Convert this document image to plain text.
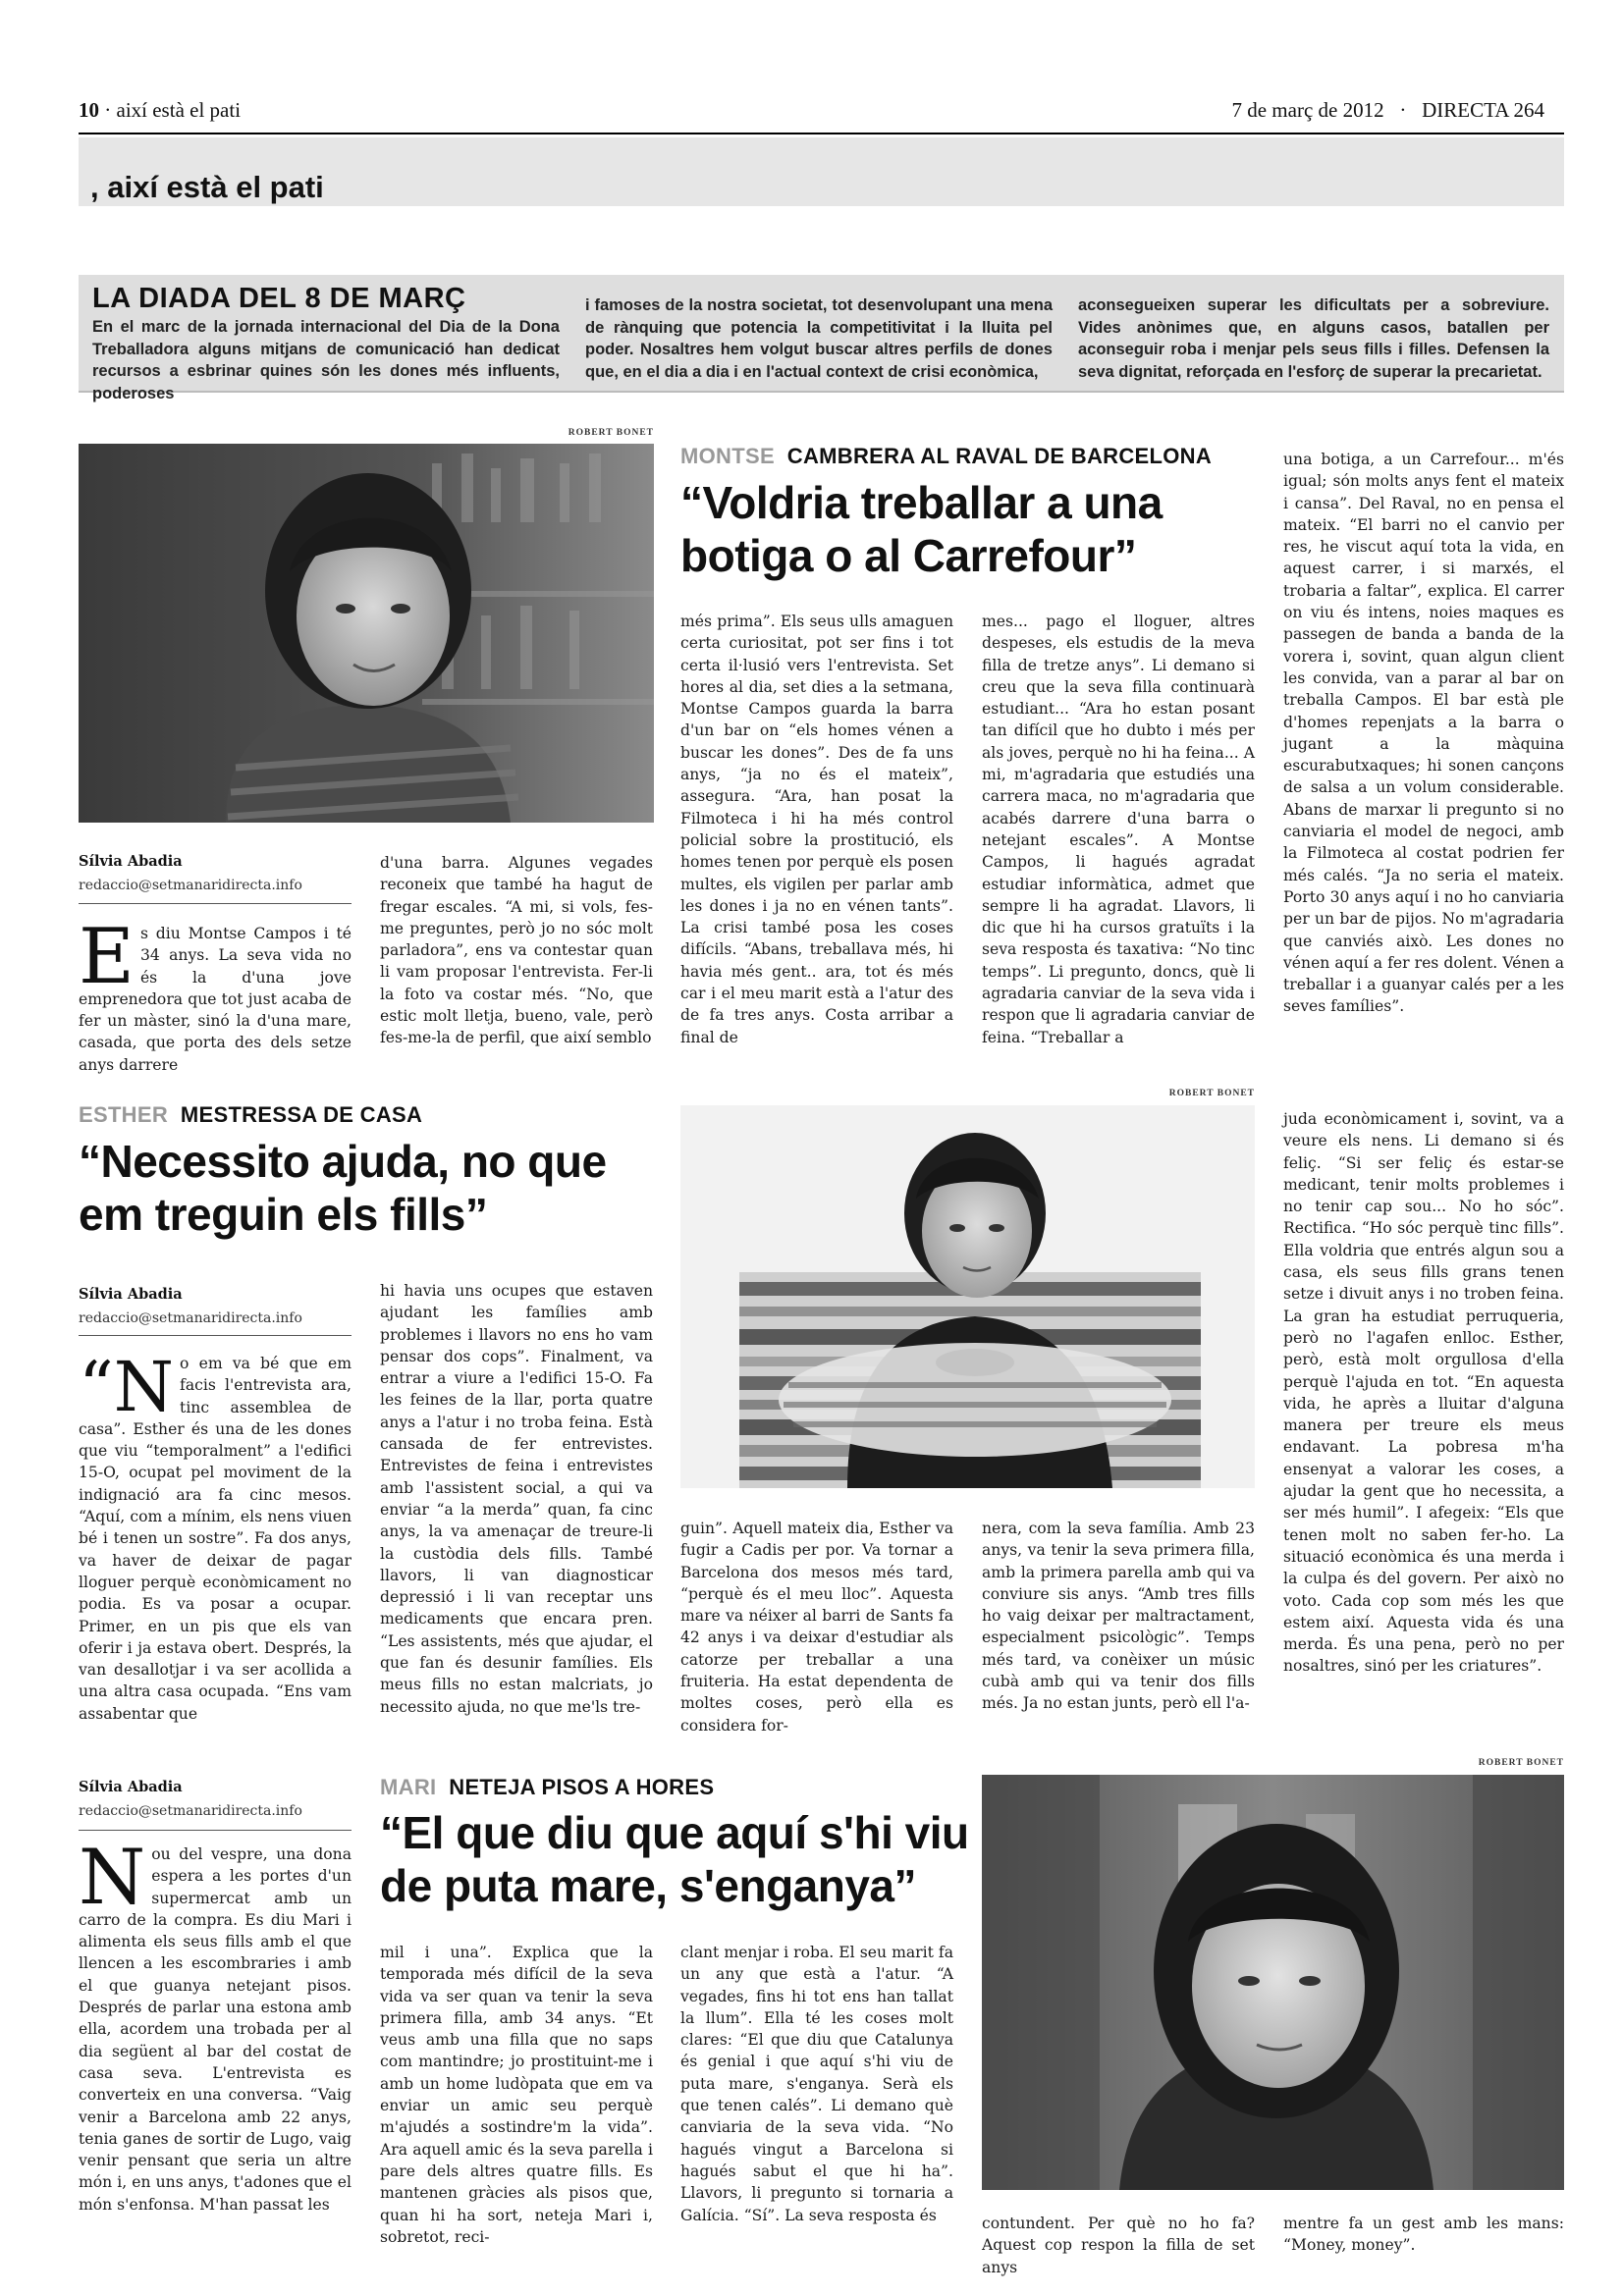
10 · així està el pati	7 de març de 2012   ·   DIRECTA 264
, així està el pati
LA DIADA DEL 8 DE MARÇ
En el marc de la jornada internacional del Dia de la Dona Treballadora alguns mitjans de comunicació han dedicat recursos a esbrinar quines són les dones més influents, poderoses
i famoses de la nostra societat, tot desenvolupant una mena de rànquing que potencia la competitivitat i la lluita pel poder. Nosaltres hem volgut buscar altres perfils de dones que, en el dia a dia i en l'actual context de crisi econòmica,
aconsegueixen superar les dificultats per a sobreviure. Vides anònimes que, en alguns casos, batallen per aconseguir roba i menjar pels seus fills i filles. Defensen la seva dignitat, reforçada en l'esforç de superar la precarietat.
ROBERT BONET
MONTSE CAMBRERA AL RAVAL DE BARCELONA
“Voldria treballar a una botiga o al Carrefour”
Sílvia Abadia
redaccio@setmanaridirecta.info
Es diu Montse Campos i té 34 anys. La seva vida no és la d'una jove emprenedora que tot just acaba de fer un màster, sinó la d'una mare, casada, que porta des dels setze anys darrere
d'una barra. Algunes vegades reconeix que també ha hagut de fregar escales. “A mi, si vols, fes-me preguntes, però jo no sóc molt parladora”, ens va contestar quan li vam proposar l'entrevista. Fer-li la foto va costar més. “No, que estic molt lletja, bueno, vale, però fes-me-la de perfil, que així semblo
més prima”. Els seus ulls amaguen certa curiositat, pot ser fins i tot certa il·lusió vers l'entrevista. Set hores al dia, set dies a la setmana, Montse Campos guarda la barra d'un bar on “els homes vénen a buscar les dones”. Des de fa uns anys, “ja no és el mateix”, assegura. “Ara, han posat la Filmoteca i hi ha més control policial sobre la prostitució, els homes tenen por perquè els posen multes, els vigilen per parlar amb les dones i ja no en vénen tants”. La crisi també posa les coses difícils. “Abans, treballava més, hi havia més gent.. ara, tot és més car i el meu marit està a l'atur des de fa tres anys. Costa arribar a final de
mes... pago el lloguer, altres despeses, els estudis de la meva filla de tretze anys”. Li demano si creu que la seva filla continuarà estudiant... “Ara ho estan posant tan difícil que ho dubto i més per als joves, perquè no hi ha feina... A mi, m'agradaria que estudiés una carrera maca, no m'agradaria que acabés darrere d'una barra o netejant escales”. A Montse Campos, li hagués agradat estudiar informàtica, admet que sempre li ha agradat. Llavors, li dic que hi ha cursos gratuïts i la seva resposta és taxativa: “No tinc temps”. Li pregunto, doncs, què li agradaria canviar de la seva vida i respon que li agradaria canviar de feina. “Treballar a
una botiga, a un Carrefour... m'és igual; són molts anys fent el mateix i cansa”. Del Raval, no en pensa el mateix. “El barri no el canvio per res, he viscut aquí tota la vida, en aquest carrer, i si marxés, el trobaria a faltar”, explica. El carrer on viu és intens, noies maques es passegen de banda a banda de la vorera i, sovint, quan algun client les convida, van a parar al bar on treballa Campos. El bar està ple d'homes repenjats a la barra o jugant a la màquina escurabutxaques; hi sonen cançons de salsa a un volum considerable. Abans de marxar li pregunto si no canviaria el model de negoci, amb la Filmoteca al costat podrien fer més calés. “Ja no seria el mateix. Porto 30 anys aquí i no ho canviaria per un bar de pijos. No m'agradaria que canviés això. Les dones no vénen aquí a fer res dolent. Vénen a treballar i a guanyar calés per a les seves famílies”.
ESTHER MESTRESSA DE CASA
“Necessito ajuda, no que em treguin els fills”
ROBERT BONET
Sílvia Abadia
redaccio@setmanaridirecta.info
“No em va bé que em facis l'entrevista ara, tinc assemblea de casa”. Esther és una de les dones que viu “temporalment” a l'edifici 15-O, ocupat pel moviment de la indignació ara fa cinc mesos. “Aquí, com a mínim, els nens viuen bé i tenen un sostre”. Fa dos anys, va haver de deixar de pagar lloguer perquè econòmicament no podia. Es va posar a ocupar. Primer, en un pis que els van oferir i ja estava obert. Després, la van desallotjar i va ser acollida a una altra casa ocupada. “Ens vam assabentar que
hi havia uns ocupes que estaven ajudant les famílies amb problemes i llavors no ens ho vam pensar dos cops”. Finalment, va entrar a viure a l'edifici 15-O. Fa les feines de la llar, porta quatre anys a l'atur i no troba feina. Està cansada de fer entrevistes. Entrevistes de feina i entrevistes amb l'assistent social, a qui va enviar “a la merda” quan, fa cinc anys, la va amenaçar de treure-li la custòdia dels fills. També llavors, li van diagnosticar depressió i li van receptar uns medicaments que encara pren. “Les assistents, més que ajudar, el que fan és desunir famílies. Els meus fills no estan malcriats, jo necessito ajuda, no que me'ls tre-
guin”. Aquell mateix dia, Esther va fugir a Cadis per por. Va tornar a Barcelona dos mesos més tard, “perquè és el meu lloc”. Aquesta mare va néixer al barri de Sants fa 42 anys i va deixar d'estudiar als catorze per treballar a una fruiteria. Ha estat dependenta de moltes coses, però ella es considera for-
nera, com la seva família. Amb 23 anys, va tenir la seva primera filla, amb la primera parella amb qui va conviure sis anys. “Amb tres fills ho vaig deixar per maltractament, especialment psicològic”. Temps més tard, va conèixer un músic cubà amb qui va tenir dos fills més. Ja no estan junts, però ell l'a-
juda econòmicament i, sovint, va a veure els nens. Li demano si és feliç. “Si ser feliç és estar-se medicant, tenir molts problemes i no tenir cap sou... No ho sóc”. Rectifica. “Ho sóc perquè tinc fills”. Ella voldria que entrés algun sou a casa, els seus fills grans tenen setze i divuit anys i no troben feina. La gran ha estudiat perruqueria, però no l'agafen enlloc. Esther, però, està molt orgullosa d'ella perquè l'ajuda en tot. “En aquesta vida, he après a lluitar d'alguna manera per treure els meus endavant. La pobresa m'ha ensenyat a valorar les coses, a ajudar la gent que ho necessita, a ser més humil”. I afegeix: “Els que tenen molt no saben fer-ho. La situació econòmica és una merda i la culpa és del govern. Per això no voto. Cada cop som més les que estem així. Aquesta vida és una merda. És una pena, però no per nosaltres, sinó per les criatures”.
Sílvia Abadia
redaccio@setmanaridirecta.info
Nou del vespre, una dona espera a les portes d'un supermercat amb un carro de la compra. Es diu Mari i alimenta els seus fills amb el que llencen a les escombraries i amb el que guanya netejant pisos. Després de parlar una estona amb ella, acordem una trobada per al dia següent al bar del costat de casa seva. L'entrevista es converteix en una conversa. “Vaig venir a Barcelona amb 22 anys, tenia ganes de sortir de Lugo, vaig venir pensant que seria un altre món i, en uns anys, t'adones que el món s'enfonsa. M'han passat les
MARI NETEJA PISOS A HORES
“El que diu que aquí s'hi viu de puta mare, s'enganya”
mil i una”. Explica que la temporada més difícil de la seva vida va ser quan va tenir la seva primera filla, amb 34 anys. “Et veus amb una filla que no saps com mantindre; jo prostituint-me i amb un home ludòpata que em va enviar un amic seu perquè m'ajudés a sostindre'm la vida”. Ara aquell amic és la seva parella i pare dels altres quatre fills. Es mantenen gràcies als pisos que, quan hi ha sort, neteja Mari i, sobretot, reci-
clant menjar i roba. El seu marit fa un any que està a l'atur. “A vegades, fins hi tot ens han tallat la llum”. Ella té les coses molt clares: “El que diu que Catalunya és genial i que aquí s'hi viu de puta mare, s'enganya. Serà els que tenen calés”. Li demano què canviaria de la seva vida. “No hagués vingut a Barcelona si hagués sabut el que hi ha”. Llavors, li pregunto si tornaria a Galícia. “Sí”. La seva resposta és
ROBERT BONET
contundent. Per què no ho fa? Aquest cop respon la filla de set anys
mentre fa un gest amb les mans: “Money, money”.
